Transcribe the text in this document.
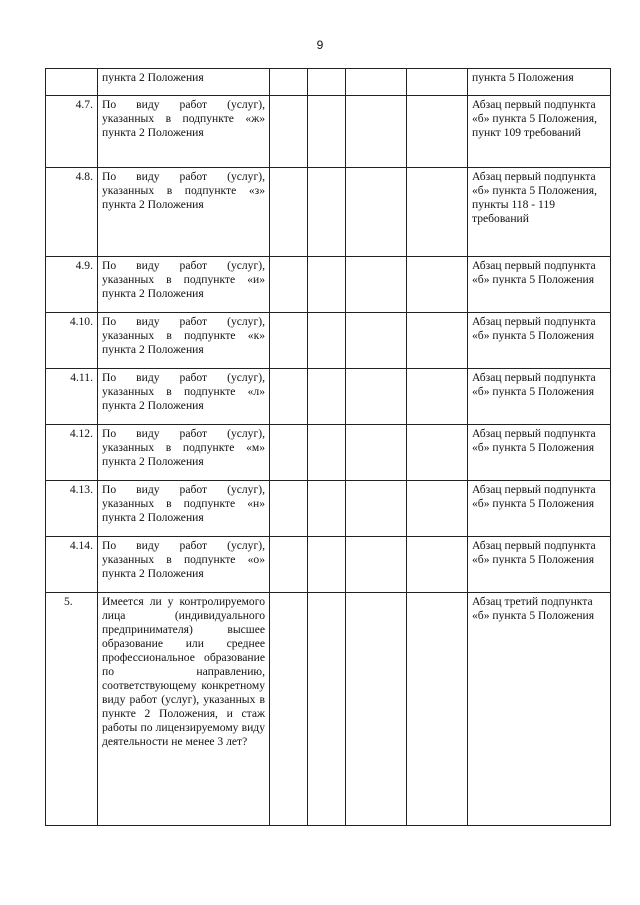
9
	пункта 2 Положения					пункта 5 Положения
4.7.	По виду работ (услуг), указанных в подпункте «ж» пункта 2 Положения					Абзац первый подпункта «б» пункта 5 Положения, пункт 109 требований
4.8.	По виду работ (услуг), указанных в подпункте «з» пункта 2 Положения					Абзац первый подпункта «б» пункта 5 Положения, пункты 118 - 119 требований
4.9.	По виду работ (услуг), указанных в подпункте «и» пункта 2 Положения					Абзац первый подпункта «б» пункта 5 Положения
4.10.	По виду работ (услуг), указанных в подпункте «к» пункта 2 Положения					Абзац первый подпункта «б» пункта 5 Положения
4.11.	По виду работ (услуг), указанных в подпункте «л» пункта 2 Положения					Абзац первый подпункта «б» пункта 5 Положения
4.12.	По виду работ (услуг), указанных в подпункте «м» пункта 2 Положения					Абзац первый подпункта «б» пункта 5 Положения
4.13.	По виду работ (услуг), указанных в подпункте «н» пункта 2 Положения					Абзац первый подпункта «б» пункта 5 Положения
4.14.	По виду работ (услуг), указанных в подпункте «о» пункта 2 Положения					Абзац первый подпункта «б» пункта 5 Положения
5.	Имеется ли у контролируемого лица (индивидуального предпринимателя) высшее образование или среднее профессиональное образование по направлению, соответствующему конкретному виду работ (услуг), указанных в пункте 2 Положения, и стаж работы по лицензируемому виду деятельности не менее 3 лет?					Абзац третий подпункта «б» пункта 5 Положения
